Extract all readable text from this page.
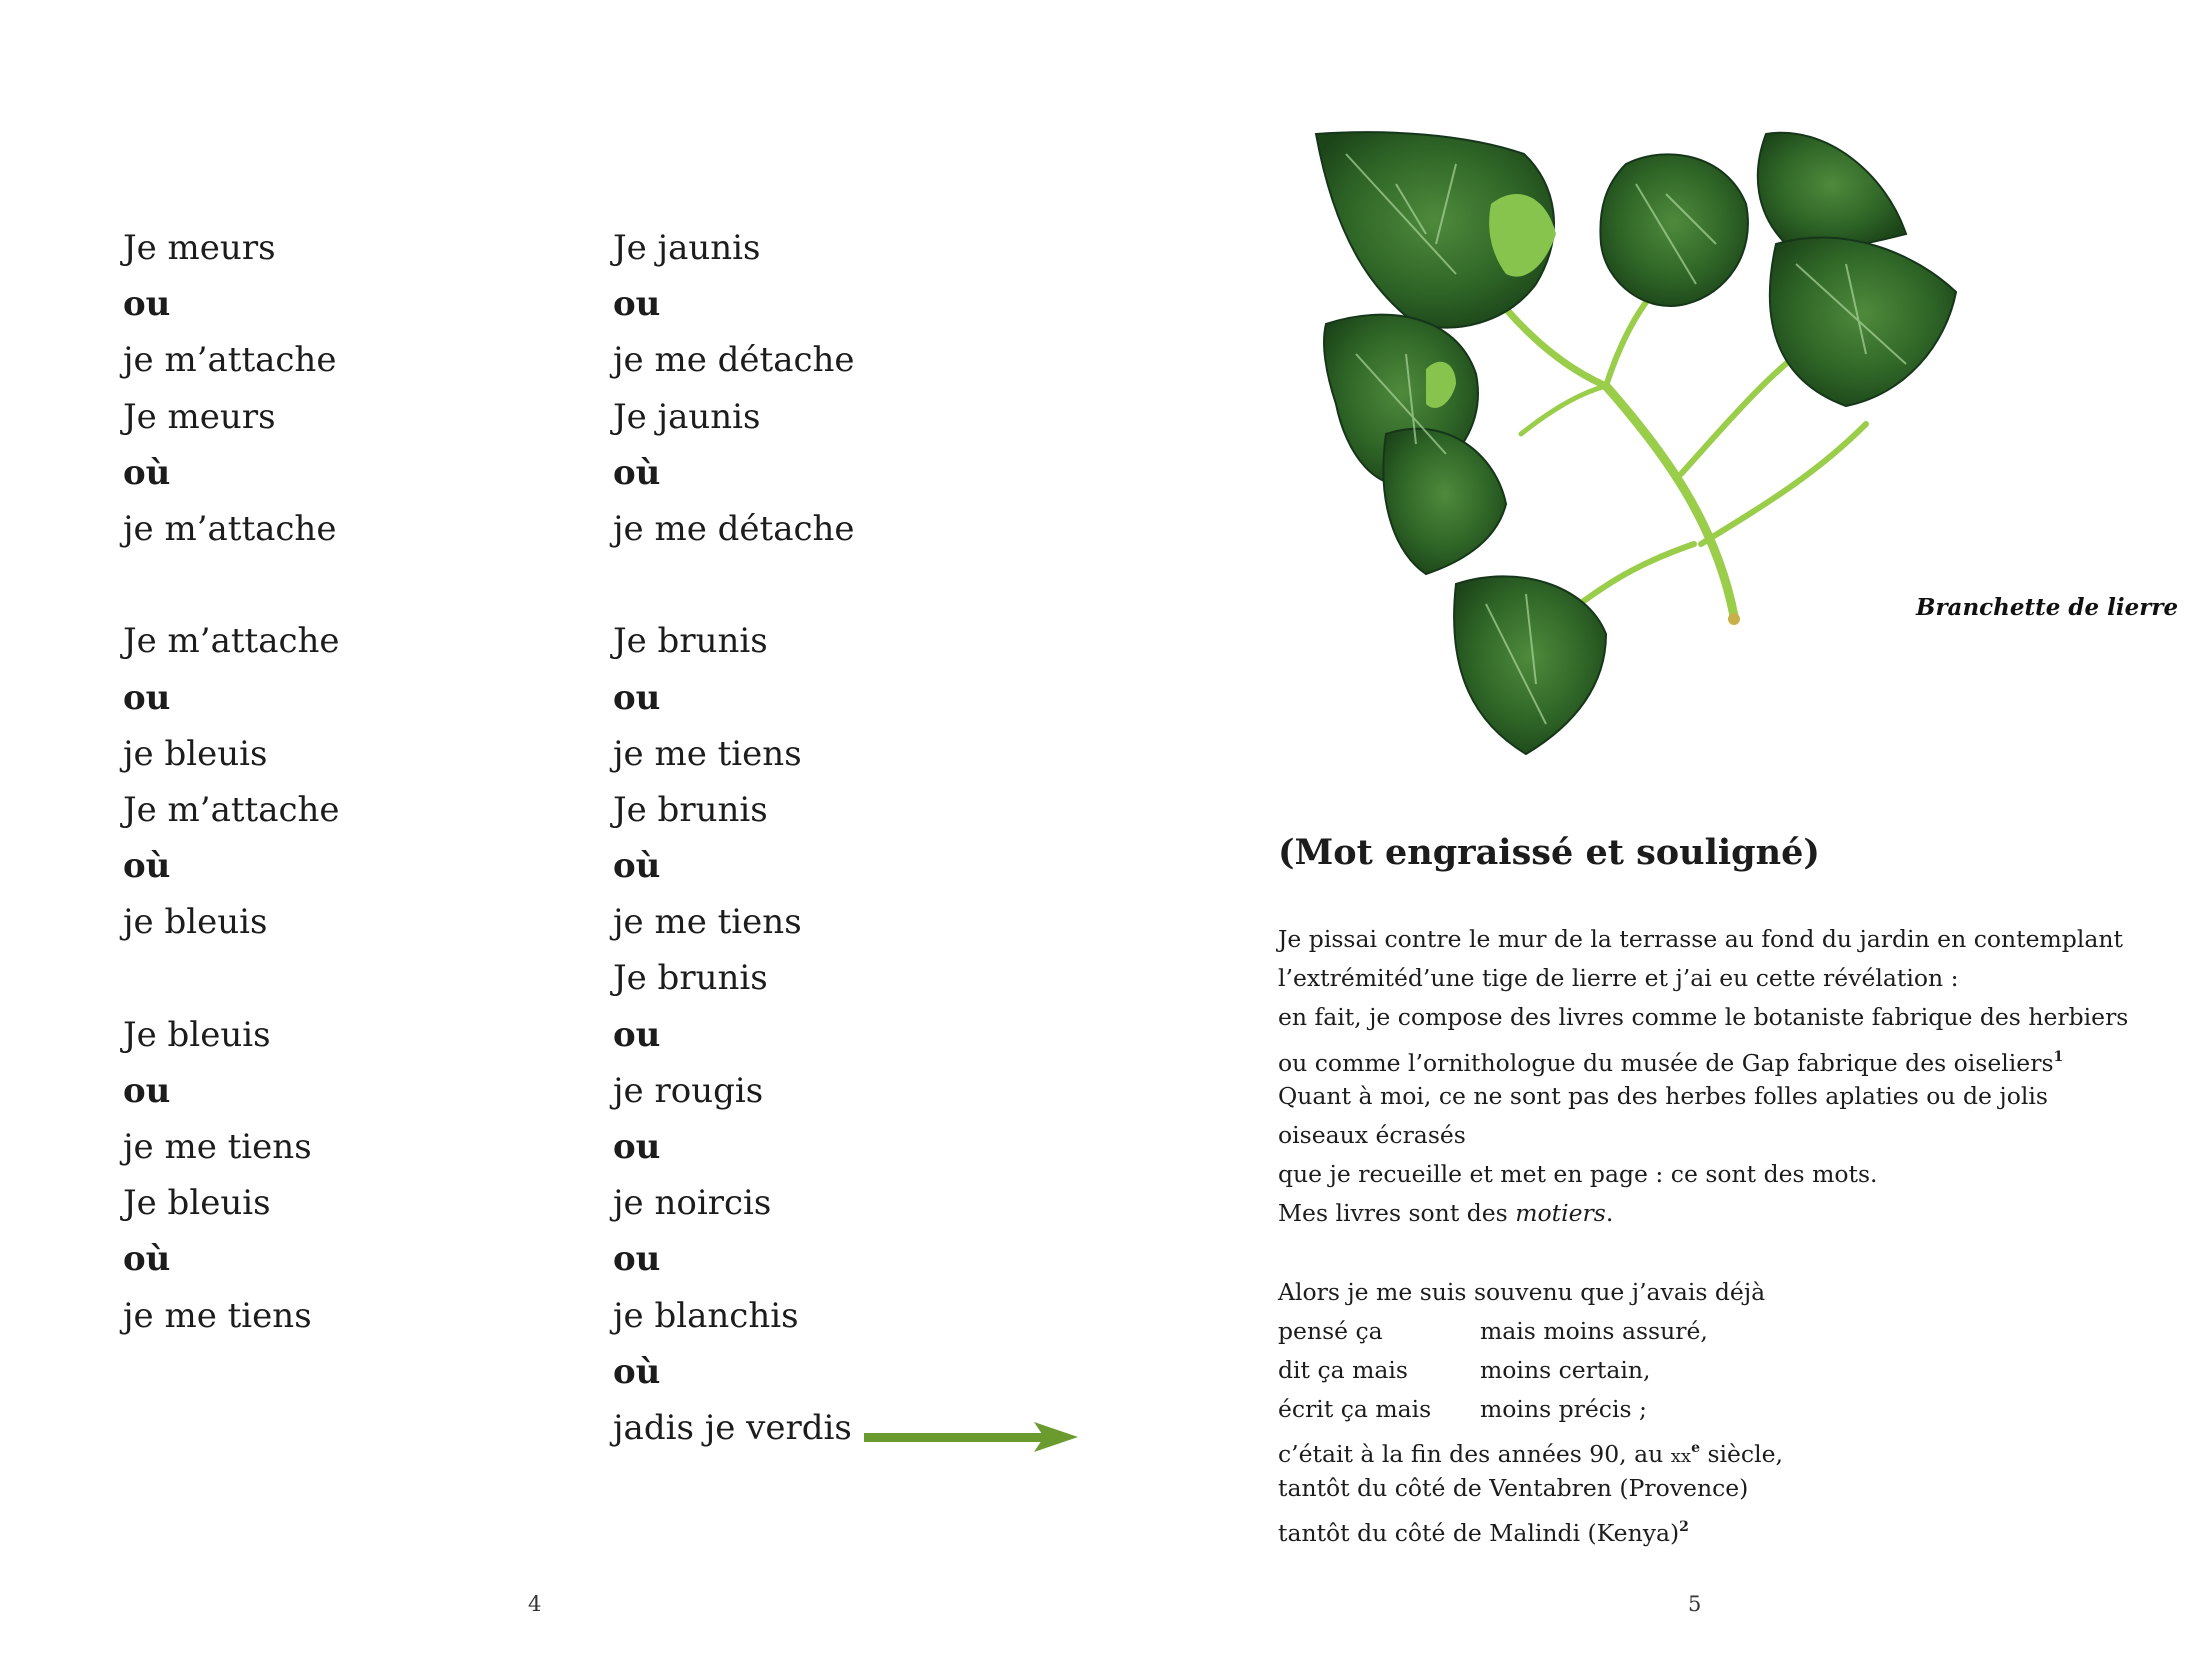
Je meurs
ou
je m’attache
Je meurs
où
je m’attache
Je m’attache
ou
je bleuis
Je m’attache
où
je bleuis
Je bleuis
ou
je me tiens
Je bleuis
où
je me tiens
Je jaunis
ou
je me détache
Je jaunis
où
je me détache
Je brunis
ou
je me tiens
Je brunis
où
je me tiens
Je brunis
ou
je rougis
ou
je noircis
ou
je blanchis
où
jadis je verdis
4
Branchette de lierre
(Mot engraissé et souligné)
Je pissai contre le mur de la terrasse au fond du jardin en contemplant
l’extrémitéd’une tige de lierre et j’ai eu cette révélation :
en fait, je compose des livres comme le botaniste fabrique des herbiers
ou comme l’ornithologue du musée de Gap fabrique des oiseliers$^1$
Quant à moi, ce ne sont pas des herbes folles aplaties ou de jolis
oiseaux écrasés
que je recueille et met en page : ce sont des mots.
Mes livres sont des motiers.
Alors je me suis souvenu que j’avais déjà
pensé ça	mais moins assuré,
dit ça mais	moins certain,
écrit ça mais moins précis ;
c’était à la fin des années 90, au $xx^e$ siècle,
tantôt du côté de Ventabren (Provence)
tantôt du côté de Malindi (Kenya)$^2$
5
